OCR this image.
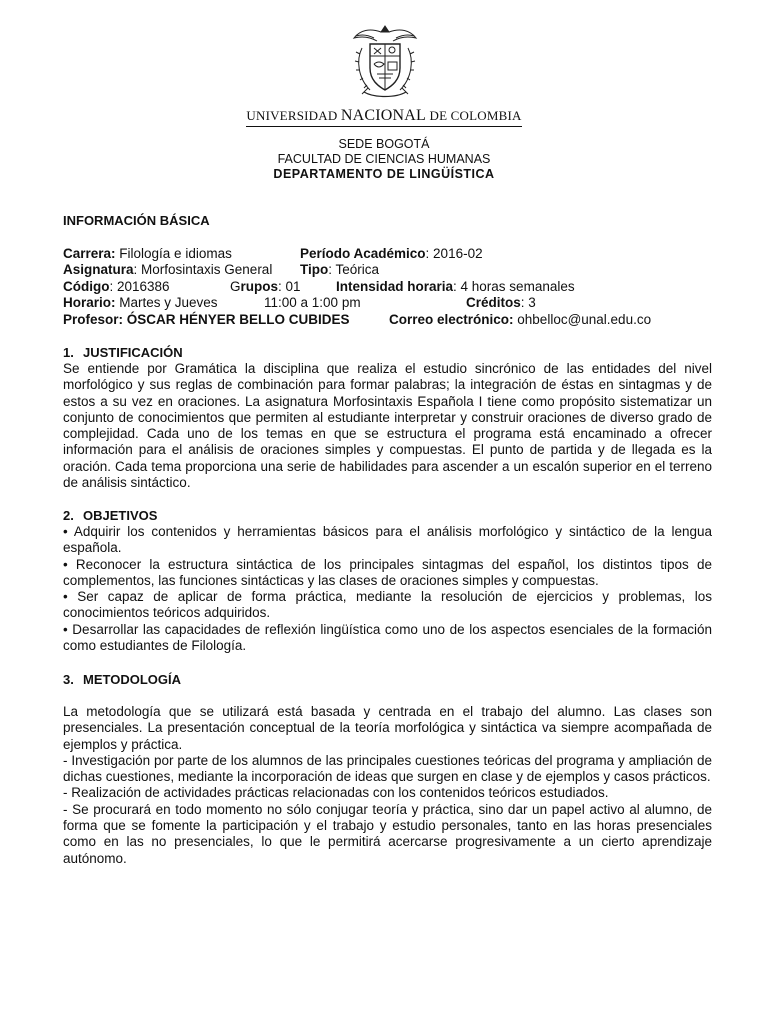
UNIVERSIDAD NACIONAL DE COLOMBIA
SEDE BOGOTÁ
FACULTAD DE CIENCIAS HUMANAS
DEPARTAMENTO DE LINGÜÍSTICA
INFORMACIÓN BÁSICA
Carrera: Filología e idiomas	Período Académico: 2016-02
Asignatura: Morfosintaxis General Tipo: Teórica
Código: 2016386	Grupos: 01	Intensidad horaria: 4 horas semanales
Horario: Martes y Jueves	11:00 a 1:00 pm	Créditos: 3
Profesor: ÓSCAR HÉNYER BELLO CUBIDES	Correo electrónico: ohbelloc@unal.edu.co
1. JUSTIFICACIÓN

Se entiende por Gramática la disciplina que realiza el estudio sincrónico de las entidades del nivel morfológico y sus reglas de combinación para formar palabras; la integración de éstas en sintagmas y de estos a su vez en oraciones. La asignatura Morfosintaxis Española I tiene como propósito sistematizar un conjunto de conocimientos que permiten al estudiante interpretar y construir oraciones de diverso grado de complejidad. Cada uno de los temas en que se estructura el programa está encaminado a ofrecer información para el análisis de oraciones simples y compuestas. El punto de partida y de llegada es la oración. Cada tema proporciona una serie de habilidades para ascender a un escalón superior en el terreno de análisis sintáctico.

2. OBJETIVOS

• Adquirir los contenidos y herramientas básicos para el análisis morfológico y sintáctico de la lengua española.

• Reconocer la estructura sintáctica de los principales sintagmas del español, los distintos tipos de complementos, las funciones sintácticas y las clases de oraciones simples y compuestas.

• Ser capaz de aplicar de forma práctica, mediante la resolución de ejercicios y problemas, los conocimientos teóricos adquiridos.

• Desarrollar las capacidades de reflexión lingüística como uno de los aspectos esenciales de la formación como estudiantes de Filología.

3. METODOLOGÍA

La metodología que se utilizará está basada y centrada en el trabajo del alumno. Las clases son presenciales. La presentación conceptual de la teoría morfológica y sintáctica va siempre acompañada de ejemplos y práctica.

- Investigación por parte de los alumnos de las principales cuestiones teóricas del programa y ampliación de dichas cuestiones, mediante la incorporación de ideas que surgen en clase y de ejemplos y casos prácticos.

- Realización de actividades prácticas relacionadas con los contenidos teóricos estudiados.

- Se procurará en todo momento no sólo conjugar teoría y práctica, sino dar un papel activo al alumno, de forma que se fomente la participación y el trabajo y estudio personales, tanto en las horas presenciales como en las no presenciales, lo que le permitirá acercarse progresivamente a un cierto aprendizaje autónomo.
